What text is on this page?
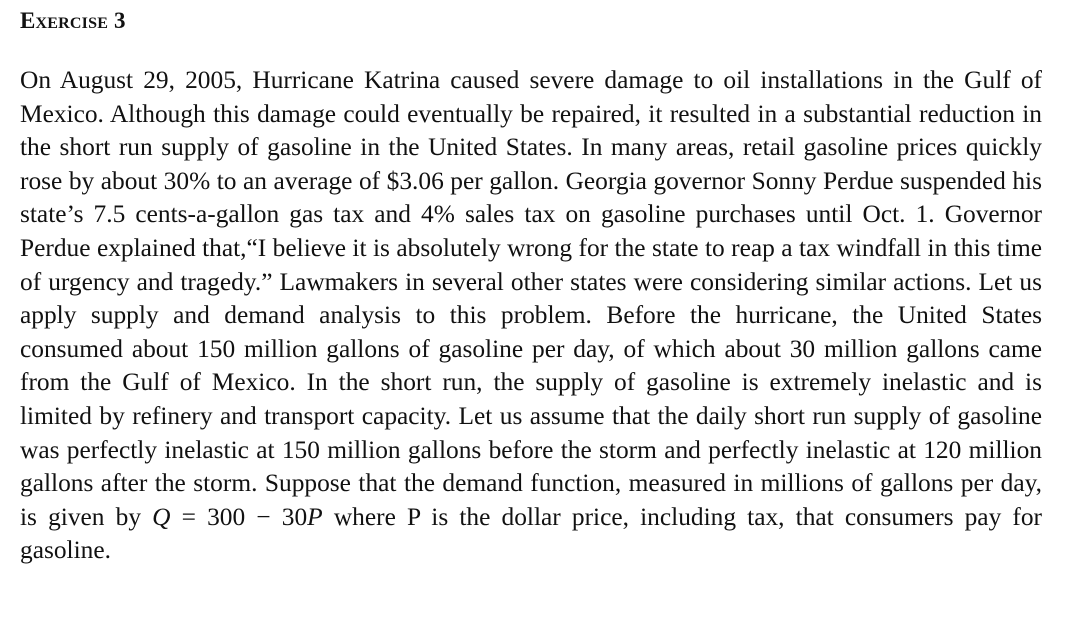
Exercise 3

On August 29, 2005, Hurricane Katrina caused severe damage to oil installations in the Gulf of Mexico. Although this damage could eventually be repaired, it resulted in a substantial reduction in the short run supply of gasoline in the United States. In many areas, retail gasoline prices quickly rose by about 30% to an average of $3.06 per gallon. Georgia governor Sonny Perdue suspended his state’s 7.5 cents-a-gallon gas tax and 4% sales tax on gasoline purchases until Oct. 1. Governor Perdue explained that,“I believe it is absolutely wrong for the state to reap a tax windfall in this time of urgency and tragedy.” Lawmakers in several other states were considering similar actions. Let us apply supply and demand analysis to this problem. Before the hurricane, the United States consumed about 150 million gallons of gasoline per day, of which about 30 million gallons came from the Gulf of Mexico. In the short run, the supply of gasoline is extremely inelastic and is limited by refinery and transport capacity. Let us assume that the daily short run supply of gasoline was perfectly inelastic at 150 million gallons before the storm and perfectly inelastic at 120 million gallons after the storm. Suppose that the demand function, measured in millions of gallons per day, is given by Q = 300 − 30P where P is the dollar price, including tax, that consumers pay for gasoline.
